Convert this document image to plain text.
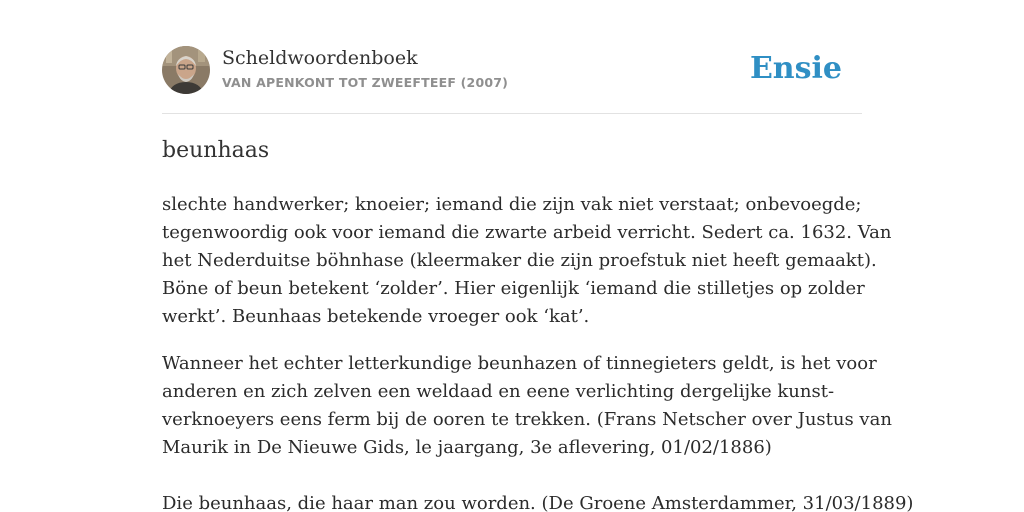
Scheldwoordenboek
VAN APENKONT TOT ZWEEFTEEF (2007)	Ensie
beunhaas
slechte handwerker; knoeier; iemand die zijn vak niet verstaat; onbevoegde;
tegenwoordig ook voor iemand die zwarte arbeid verricht. Sedert ca. 1632. Van
het Nederduitse böhnhase (kleermaker die zijn proefstuk niet heeft gemaakt).
Böne of beun betekent ‘zolder’. Hier eigenlijk ‘iemand die stilletjes op zolder
werkt’. Beunhaas betekende vroeger ook ‘kat’.
Wanneer het echter letterkundige beunhazen of tinnegieters geldt, is het voor
anderen en zich zelven een weldaad en eene verlichting dergelijke kunst-
verknoeyers eens ferm bij de ooren te trekken. (Frans Netscher over Justus van
Maurik in De Nieuwe Gids, le jaargang, 3e aflevering, 01/02/1886)
Die beunhaas, die haar man zou worden. (De Groene Amsterdammer, 31/03/1889)
